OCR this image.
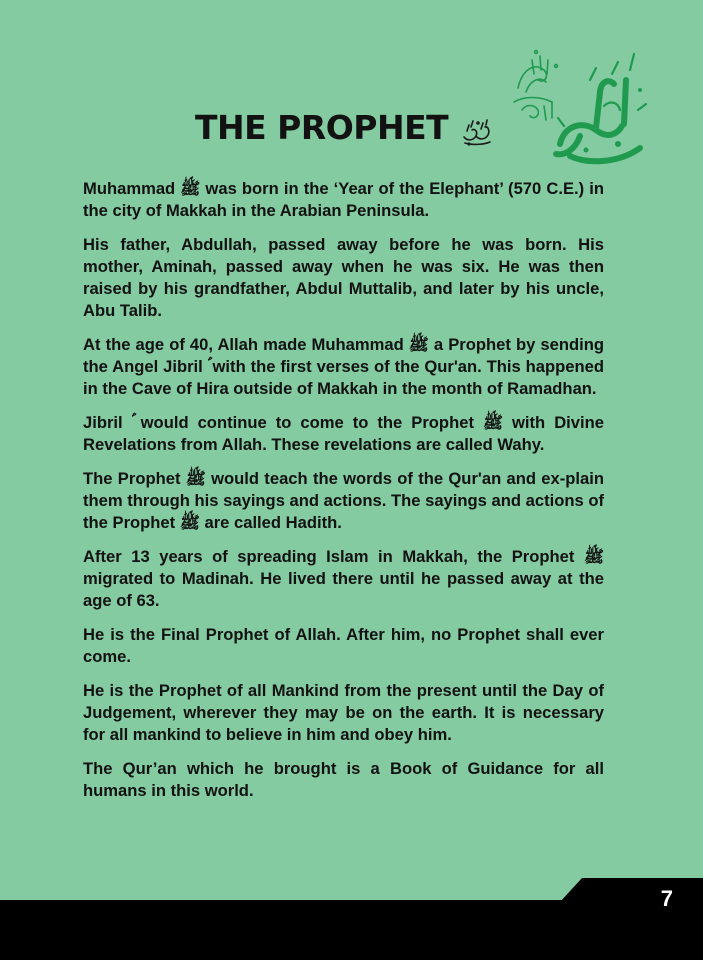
THE PROPHET

Muhammad ﷺ was born in the ‘Year of the Elephant’ (570 C.E.) in the city of Makkah in the Arabian Peninsula.

His father, Abdullah, passed away before he was born. His mother, Aminah, passed away when he was six. He was then raised by his grandfather, Abdul Muttalib, and later by his uncle, Abu Talib.

At the age of 40, Allah made Muhammad ﷺ a Prophet by sending the Angel Jibril ؑ with the first verses of the Qur'an. This happened in the Cave of Hira outside of Makkah in the month of Ramadhan.

Jibril ؑ would continue to come to the Prophet ﷺ with Divine Revelations from Allah. These revelations are called Wahy.

The Prophet ﷺ would teach the words of the Qur'an and ex-plain them through his sayings and actions. The sayings and actions of the Prophet ﷺ are called Hadith.

After 13 years of spreading Islam in Makkah, the Prophet ﷺ migrated to Madinah. He lived there until he passed away at the age of 63.

He is the Final Prophet of Allah. After him, no Prophet shall ever come.

He is the Prophet of all Mankind from the present until the Day of Judgement, wherever they may be on the earth. It is necessary for all mankind to believe in him and obey him.

The Qur’an which he brought is a Book of Guidance for all humans in this world.

7
